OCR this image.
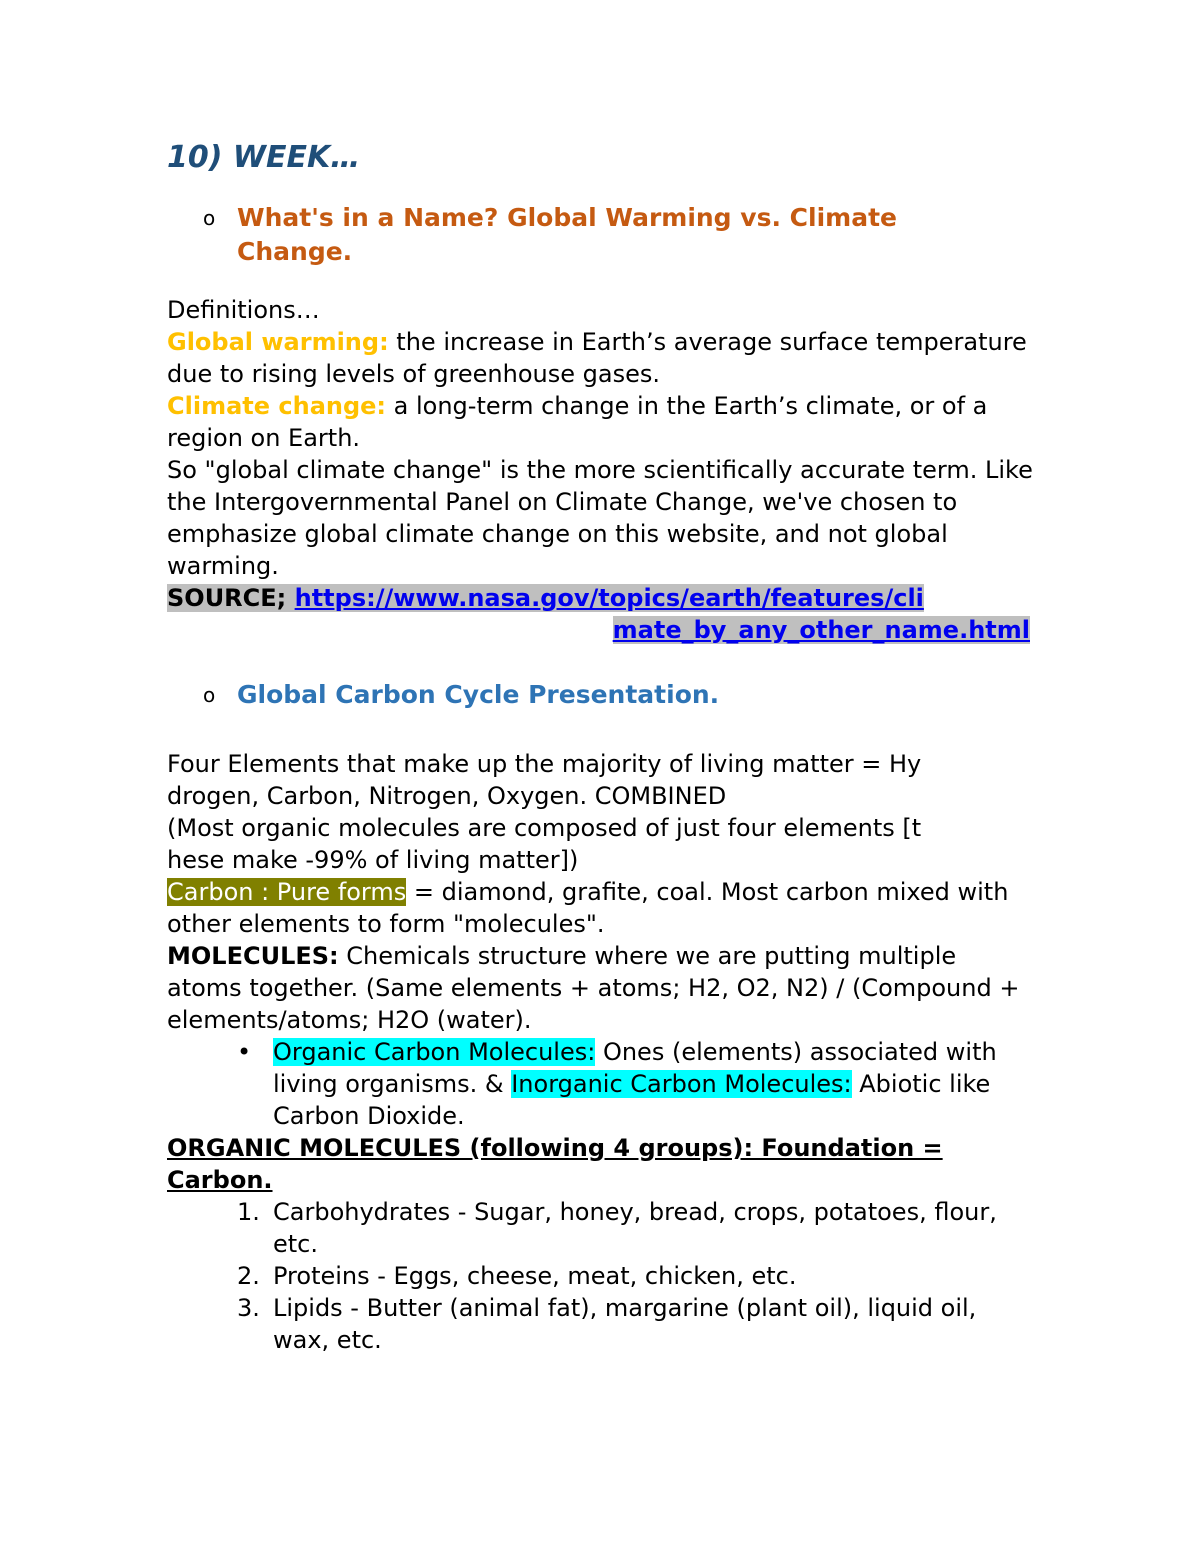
10) WEEK…
o What's in a Name? Global Warming vs. Climate Change.
Definitions…
Global warming: the increase in Earth’s average surface temperature due to rising levels of greenhouse gases.
Climate change: a long-term change in the Earth’s climate, or of a region on Earth.
So "global climate change" is the more scientifically accurate term. Like the Intergovernmental Panel on Climate Change, we've chosen to emphasize global climate change on this website, and not global warming.
SOURCE; https://www.nasa.gov/topics/earth/features/cli
mate_by_any_other_name.html
o Global Carbon Cycle Presentation.
Four Elements that make up the majority of living matter = Hy
drogen, Carbon, Nitrogen, Oxygen. COMBINED
(Most organic molecules are composed of just four elements [t
hese make -99% of living matter])
Carbon : Pure forms = diamond, grafite, coal. Most carbon mixed with other elements to form "molecules".
MOLECULES: Chemicals structure where we are putting multiple atoms together. (Same elements + atoms; H2, O2, N2) / (Compound + elements/atoms; H2O (water).
• Organic Carbon Molecules: Ones (elements) associated with living organisms. & Inorganic Carbon Molecules: Abiotic like Carbon Dioxide.
ORGANIC MOLECULES (following 4 groups): Foundation = Carbon.
1. Carbohydrates - Sugar, honey, bread, crops, potatoes, flour, etc.
2. Proteins - Eggs, cheese, meat, chicken, etc.
3. Lipids - Butter (animal fat), margarine (plant oil), liquid oil, wax, etc.
